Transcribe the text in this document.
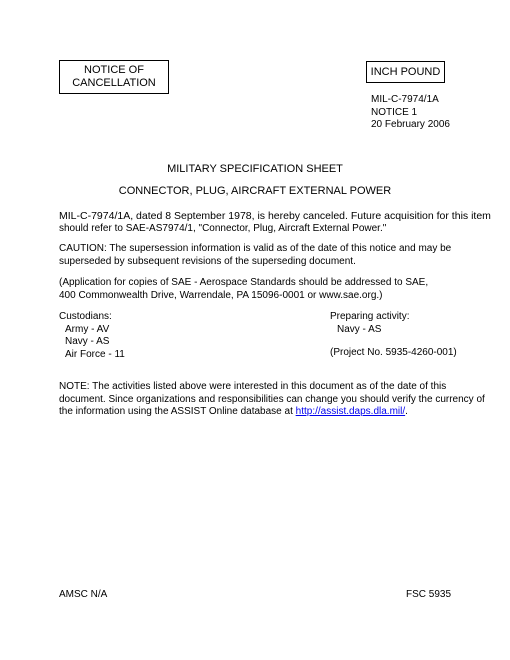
NOTICE OF
CANCELLATION
INCH POUND
MIL-C-7974/1A
NOTICE 1
20 February 2006
MILITARY SPECIFICATION SHEET
CONNECTOR, PLUG, AIRCRAFT EXTERNAL POWER
MIL-C-7974/1A, dated 8 September 1978, is hereby canceled. Future acquisition for this item
should refer to SAE-AS7974/1, "Connector, Plug, Aircraft External Power."
CAUTION: The supersession information is valid as of the date of this notice and may be
superseded by subsequent revisions of the superseding document.
(Application for copies of SAE - Aerospace Standards should be addressed to SAE,
400 Commonwealth Drive, Warrendale, PA 15096-0001 or www.sae.org.)
Custodians:
Army - AV
Navy - AS
Air Force - 11
Preparing activity:
Navy - AS
(Project No. 5935-4260-001)
NOTE: The activities listed above were interested in this document as of the date of this
document. Since organizations and responsibilities can change you should verify the currency of
the information using the ASSIST Online database at http://assist.daps.dla.mil/.
AMSC N/A	FSC 5935
